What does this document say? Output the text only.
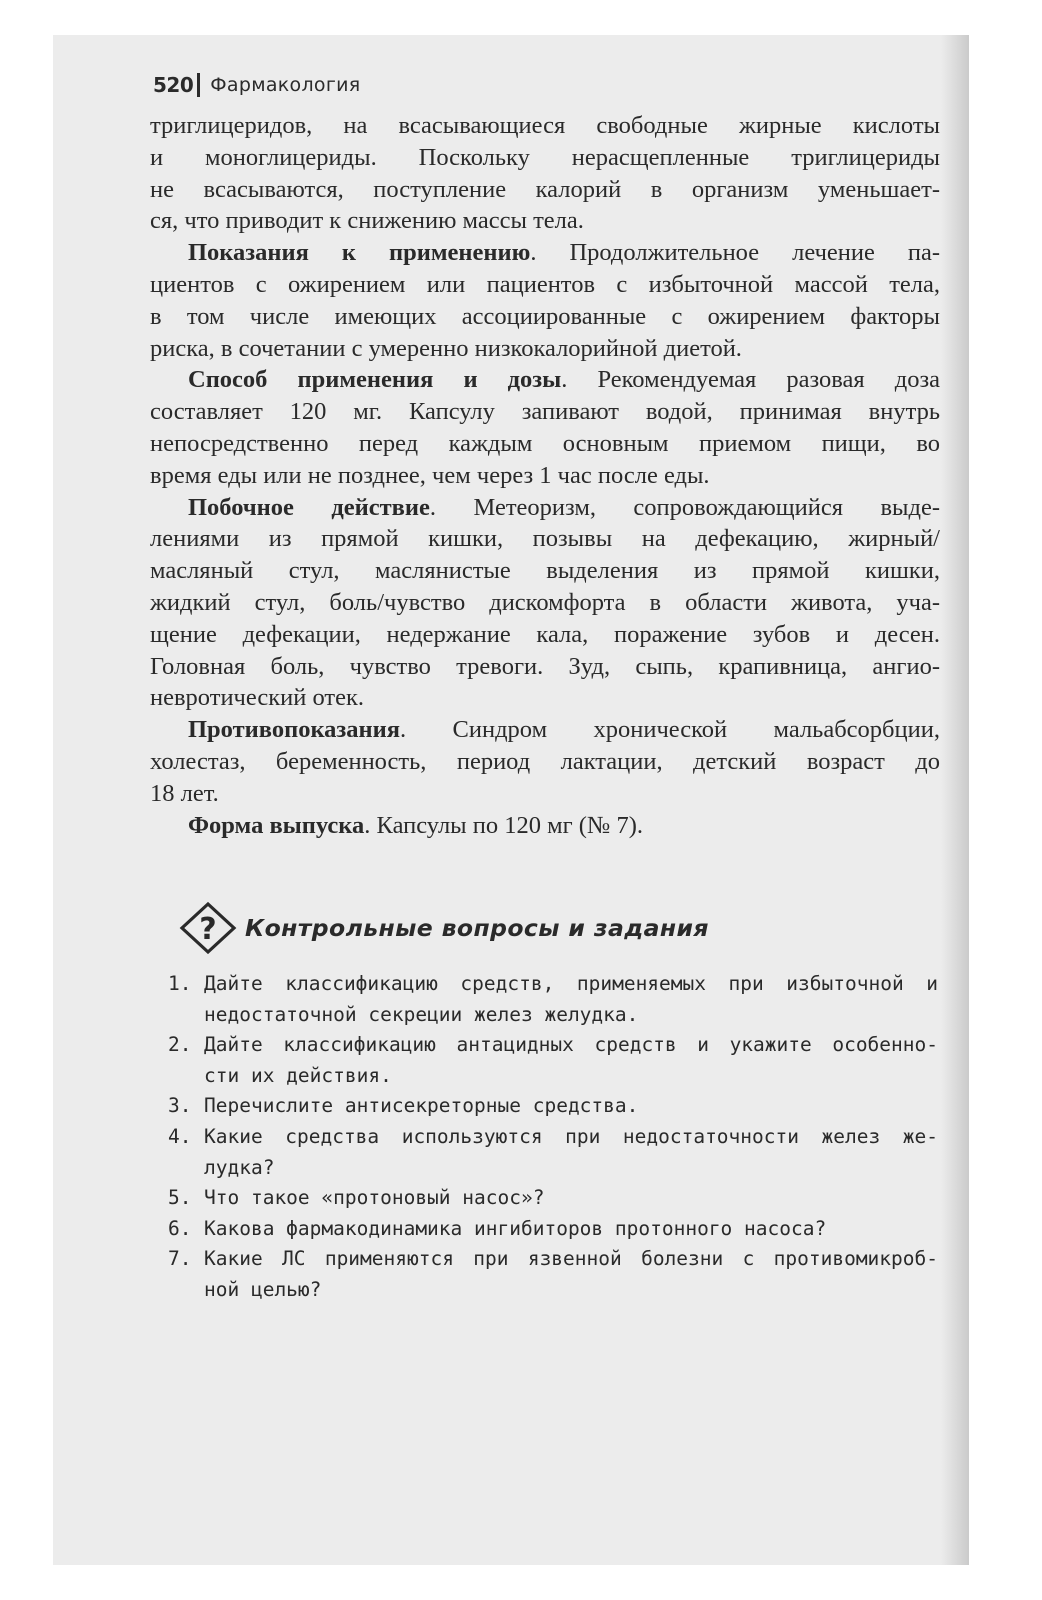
520 Фармакология
триглицеридов, на всасывающиеся свободные жирные кислоты
и моноглицериды. Поскольку нерасщепленные триглицериды
не всасываются, поступление калорий в организм уменьшает-
ся, что приводит к снижению массы тела.
Показания к применению. Продолжительное лечение па-
циентов с ожирением или пациентов с избыточной массой тела,
в том числе имеющих ассоциированные с ожирением факторы
риска, в сочетании с умеренно низкокалорийной диетой.
Способ применения и дозы. Рекомендуемая разовая доза
составляет 120 мг. Капсулу запивают водой, принимая внутрь
непосредственно перед каждым основным приемом пищи, во
время еды или не позднее, чем через 1 час после еды.
Побочное действие. Метеоризм, сопровождающийся выде-
лениями из прямой кишки, позывы на дефекацию, жирный/
масляный стул, маслянистые выделения из прямой кишки,
жидкий стул, боль/чувство дискомфорта в области живота, уча-
щение дефекации, недержание кала, поражение зубов и десен.
Головная боль, чувство тревоги. Зуд, сыпь, крапивница, ангио-
невротический отек.
Противопоказания. Синдром хронической мальабсорбции,
холестаз, беременность, период лактации, детский возраст до
18 лет.
Форма выпуска. Капсулы по 120 мг (№ 7).
? Контрольные вопросы и задания
1. Дайте классификацию средств, применяемых при избыточной и
недостаточной секреции желез желудка.
2. Дайте классификацию антацидных средств и укажите особенно-
сти их действия.
3. Перечислите антисекреторные средства.
4. Какие средства используются при недостаточности желез же-
лудка?
5. Что такое «протоновый насос»?
6. Какова фармакодинамика ингибиторов протонного насоса?
7. Какие ЛС применяются при язвенной болезни с противомикроб-
ной целью?
